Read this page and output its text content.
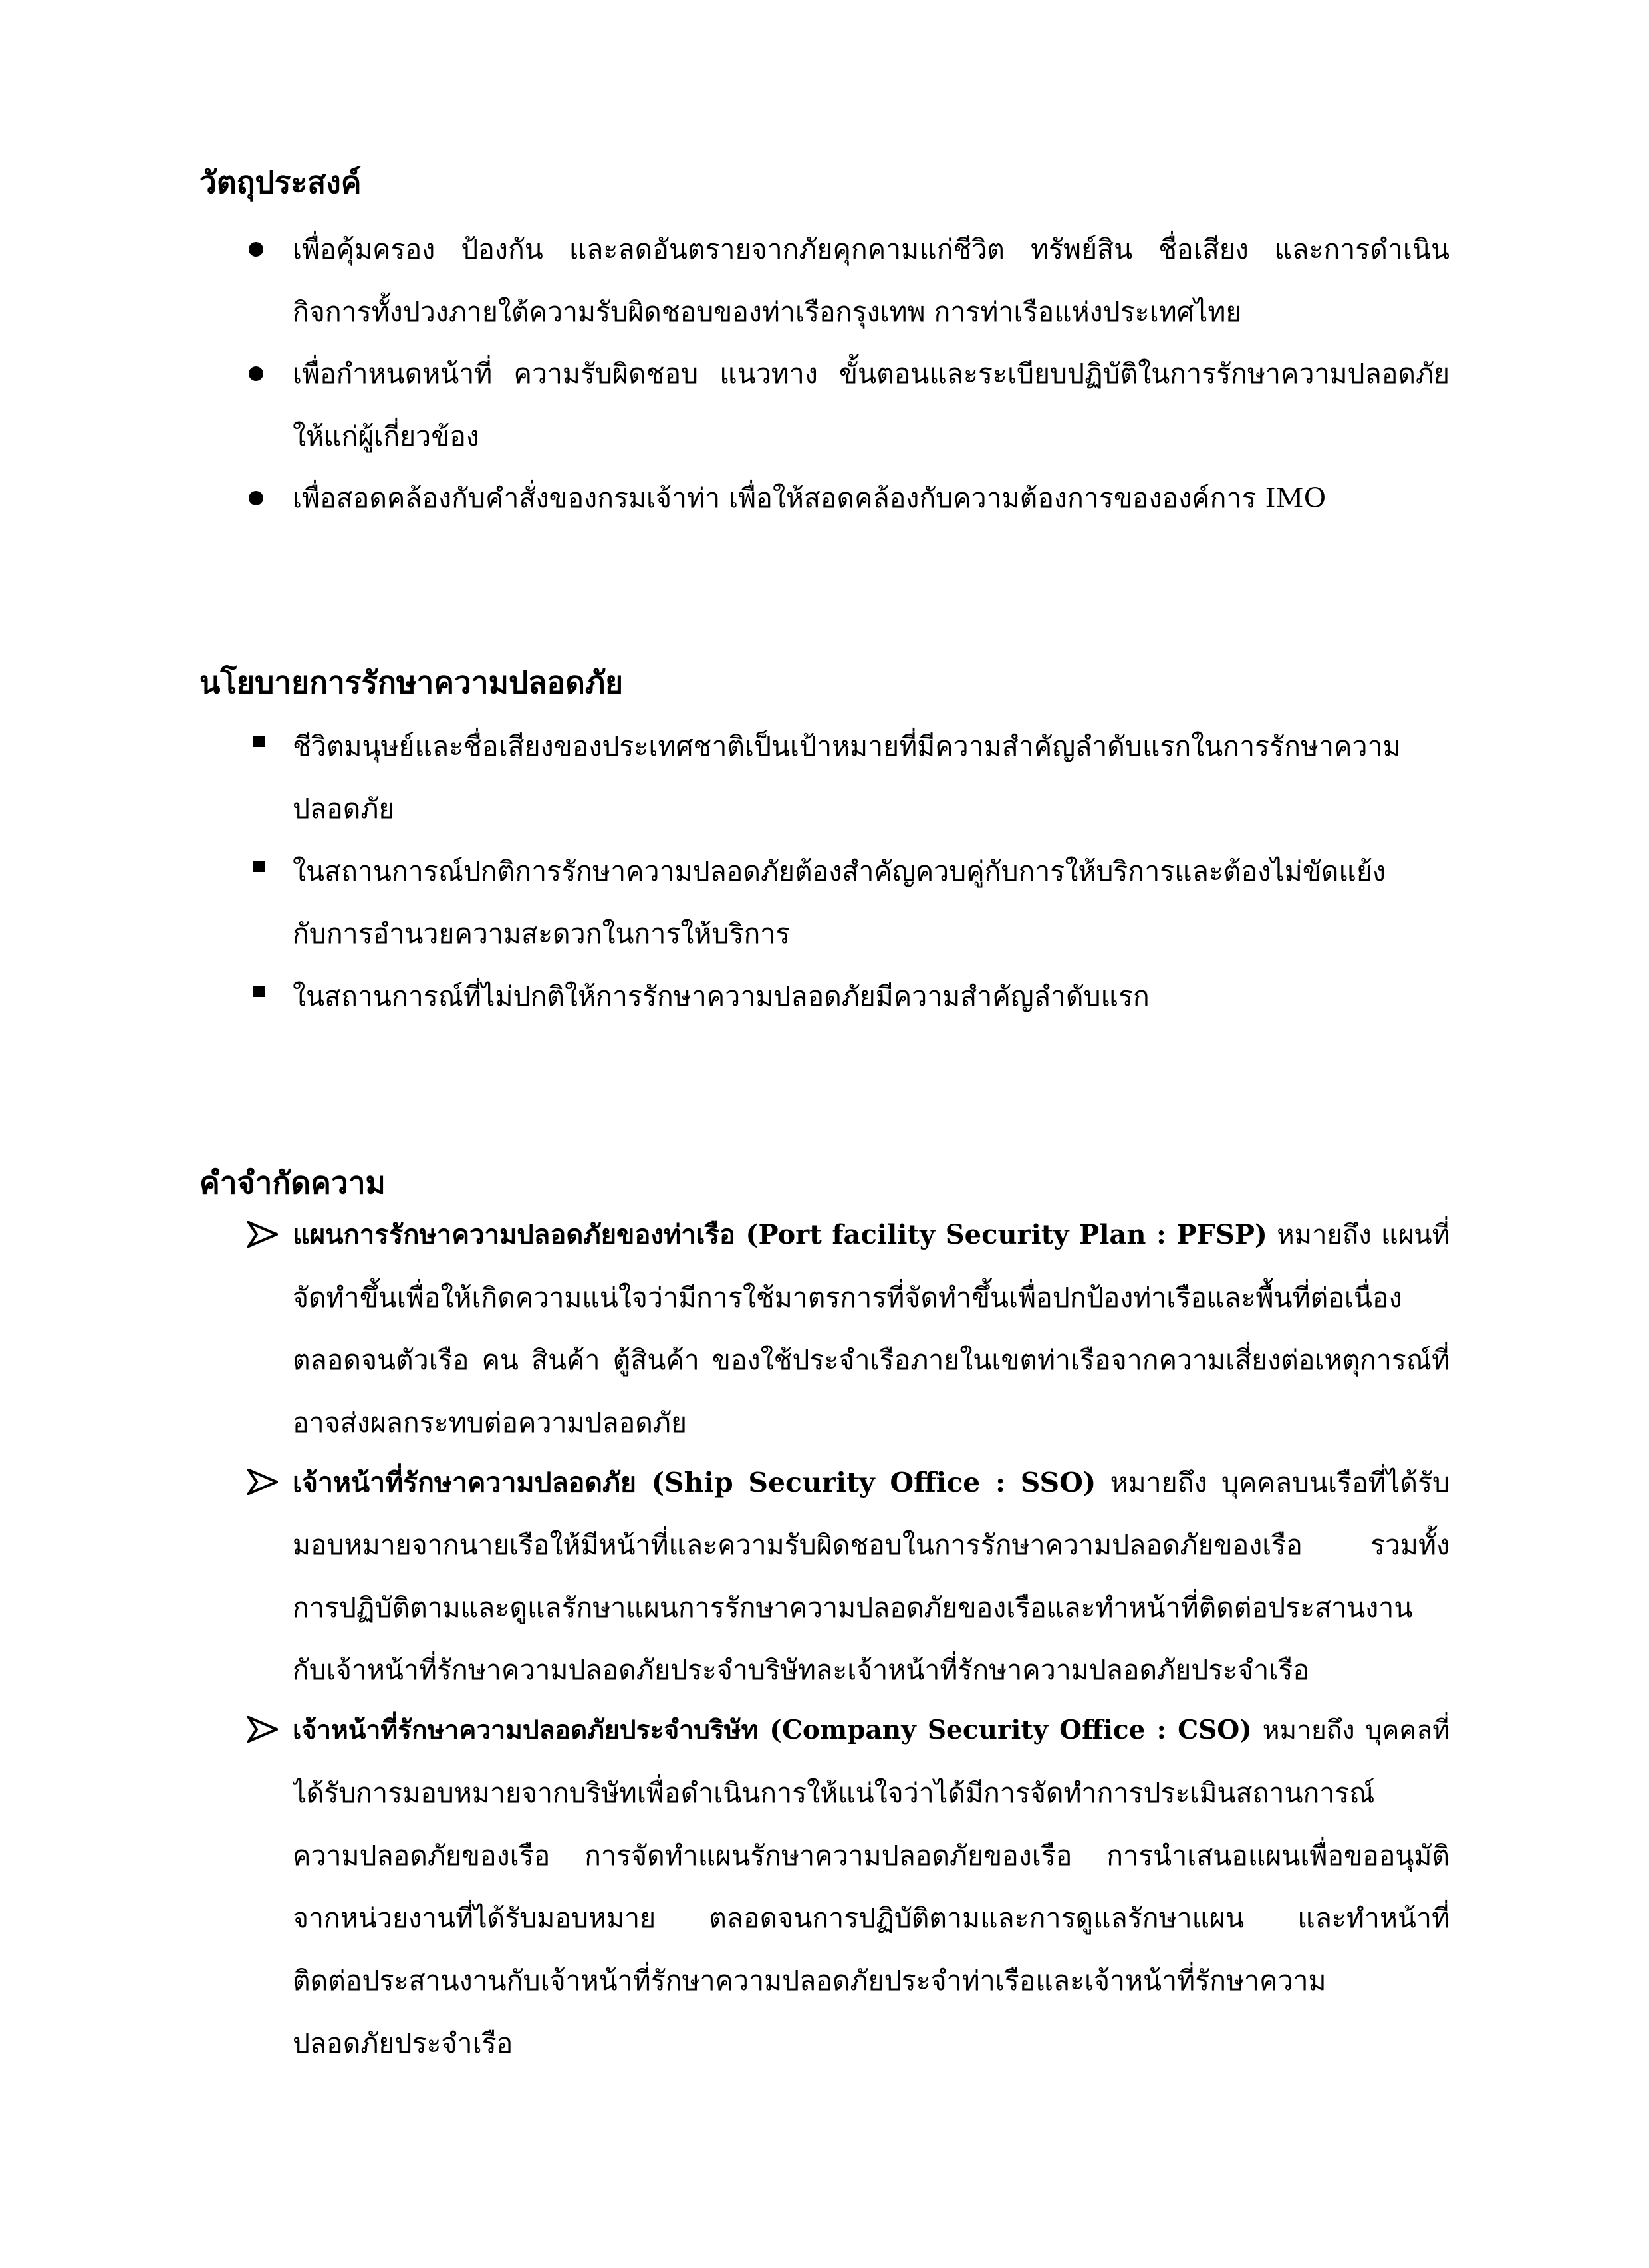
วัตถุประสงค์
เพื่อคุ้มครอง ป้องกัน และลดอันตรายจากภัยคุกคามแก่ชีวิต ทรัพย์สิน ชื่อเสียง และการดำเนิน
กิจการทั้งปวงภายใต้ความรับผิดชอบของท่าเรือกรุงเทพ การท่าเรือแห่งประเทศไทย
เพื่อกำหนดหน้าที่ ความรับผิดชอบ แนวทาง ขั้นตอนและระเบียบปฏิบัติในการรักษาความปลอดภัย
ให้แก่ผู้เกี่ยวข้อง
เพื่อสอดคล้องกับคำสั่งของกรมเจ้าท่า เพื่อให้สอดคล้องกับความต้องการขององค์การ IMO
นโยบายการรักษาความปลอดภัย
ชีวิตมนุษย์และชื่อเสียงของประเทศชาติเป็นเป้าหมายที่มีความสำคัญลำดับแรกในการรักษาความ
ปลอดภัย
ในสถานการณ์ปกติการรักษาความปลอดภัยต้องสำคัญควบคู่กับการให้บริการและต้องไม่ขัดแย้ง
กับการอำนวยความสะดวกในการให้บริการ
ในสถานการณ์ที่ไม่ปกติให้การรักษาความปลอดภัยมีความสำคัญลำดับแรก
คำจำกัดความ
แผนการรักษาความปลอดภัยของท่าเรือ (Port facility Security Plan : PFSP) หมายถึง แผนที่
จัดทำขึ้นเพื่อให้เกิดความแน่ใจว่ามีการใช้มาตรการที่จัดทำขึ้นเพื่อปกป้องท่าเรือและพื้นที่ต่อเนื่อง
ตลอดจนตัวเรือ คน สินค้า ตู้สินค้า ของใช้ประจำเรือภายในเขตท่าเรือจากความเสี่ยงต่อเหตุการณ์ที่
อาจส่งผลกระทบต่อความปลอดภัย
เจ้าหน้าที่รักษาความปลอดภัย (Ship Security Office : SSO) หมายถึง บุคคลบนเรือที่ได้รับ
มอบหมายจากนายเรือให้มีหน้าที่และความรับผิดชอบในการรักษาความปลอดภัยของเรือ รวมทั้ง
การปฏิบัติตามและดูแลรักษาแผนการรักษาความปลอดภัยของเรือและทำหน้าที่ติดต่อประสานงาน
กับเจ้าหน้าที่รักษาความปลอดภัยประจำบริษัทละเจ้าหน้าที่รักษาความปลอดภัยประจำเรือ
เจ้าหน้าที่รักษาความปลอดภัยประจำบริษัท (Company Security Office : CSO) หมายถึง บุคคลที่
ได้รับการมอบหมายจากบริษัทเพื่อดำเนินการให้แน่ใจว่าได้มีการจัดทำการประเมินสถานการณ์
ความปลอดภัยของเรือ การจัดทำแผนรักษาความปลอดภัยของเรือ การนำเสนอแผนเพื่อขออนุมัติ
จากหน่วยงานที่ได้รับมอบหมาย ตลอดจนการปฏิบัติตามและการดูแลรักษาแผน และทำหน้าที่
ติดต่อประสานงานกับเจ้าหน้าที่รักษาความปลอดภัยประจำท่าเรือและเจ้าหน้าที่รักษาความ
ปลอดภัยประจำเรือ
